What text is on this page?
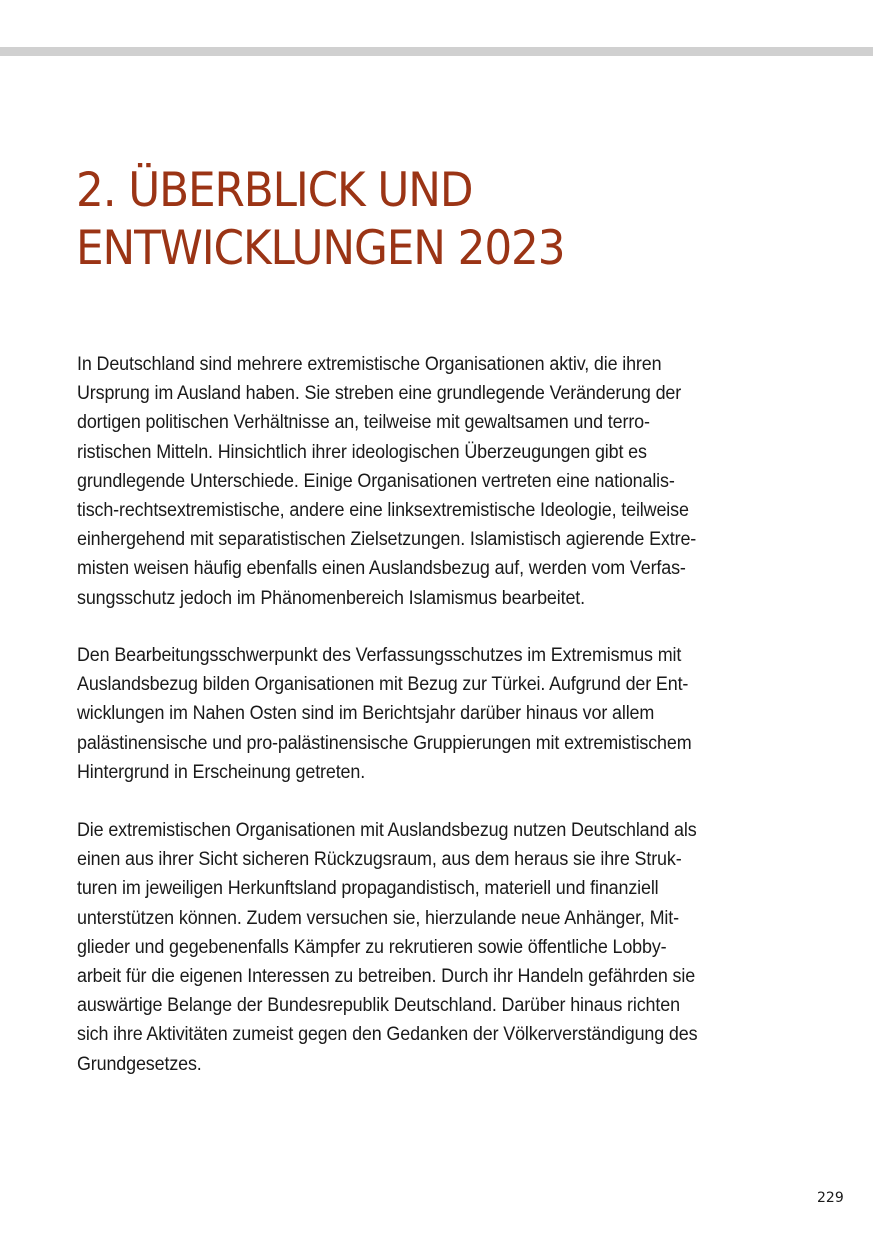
2. ÜBERBLICK UND
ENTWICKLUNGEN 2023
In Deutschland sind mehrere extremistische Organisationen aktiv, die ihren
Ursprung im Ausland haben. Sie streben eine grundlegende Veränderung der
dortigen politischen Verhältnisse an, teilweise mit gewaltsamen und terro-
ristischen Mitteln. Hinsichtlich ihrer ideologischen Überzeugungen gibt es
grundlegende Unterschiede. Einige Organisationen vertreten eine nationalis-
tisch-rechtsextremistische, andere eine linksextremistische Ideologie, teilweise
einhergehend mit separatistischen Zielsetzungen. Islamistisch agierende Extre-
misten weisen häufig ebenfalls einen Auslandsbezug auf, werden vom Verfas-
sungsschutz jedoch im Phänomenbereich Islamismus bearbeitet.
Den Bearbeitungsschwerpunkt des Verfassungsschutzes im Extremismus mit
Auslandsbezug bilden Organisationen mit Bezug zur Türkei. Aufgrund der Ent-
wicklungen im Nahen Osten sind im Berichtsjahr darüber hinaus vor allem
palästinensische und pro-palästinensische Gruppierungen mit extremistischem
Hintergrund in Erscheinung getreten.
Die extremistischen Organisationen mit Auslandsbezug nutzen Deutschland als
einen aus ihrer Sicht sicheren Rückzugsraum, aus dem heraus sie ihre Struk-
turen im jeweiligen Herkunftsland propagandistisch, materiell und finanziell
unterstützen können. Zudem versuchen sie, hierzulande neue Anhänger, Mit-
glieder und gegebenenfalls Kämpfer zu rekrutieren sowie öffentliche Lobby-
arbeit für die eigenen Interessen zu betreiben. Durch ihr Handeln gefährden sie
auswärtige Belange der Bundesrepublik Deutschland. Darüber hinaus richten
sich ihre Aktivitäten zumeist gegen den Gedanken der Völkerverständigung des
Grundgesetzes.
229
